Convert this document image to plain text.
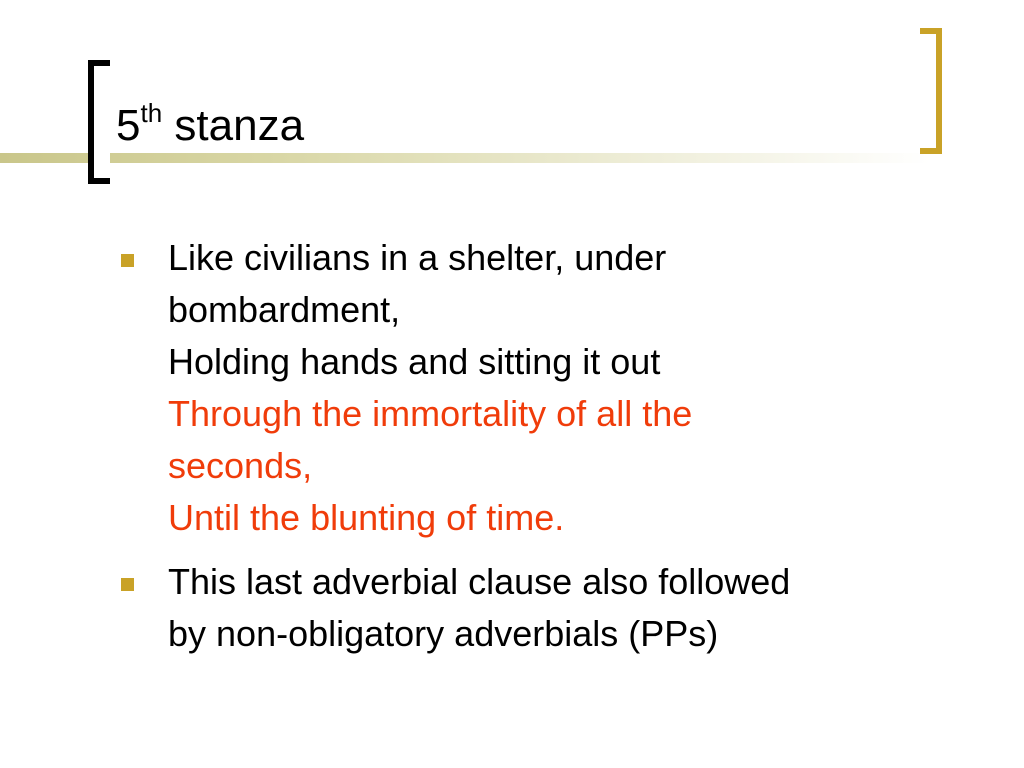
5th stanza
Like civilians in a shelter, under
bombardment,
Holding hands and sitting it out
Through the immortality of all the
seconds,
Until the blunting of time.
This last adverbial clause also followed
by non-obligatory adverbials (PPs)
